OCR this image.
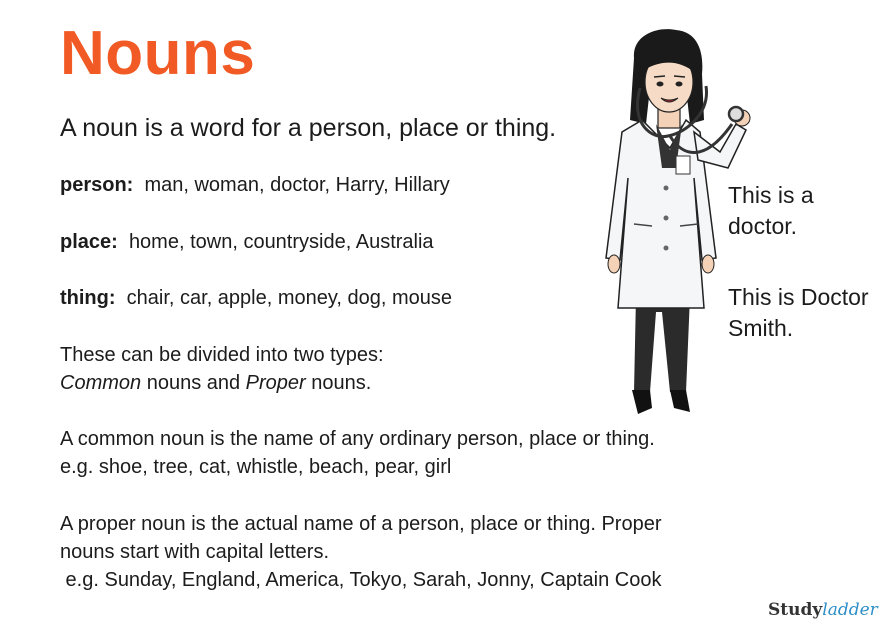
Nouns
A noun is a word for a person, place or thing.
person: man, woman, doctor, Harry, Hillary
place: home, town, countryside, Australia
thing: chair, car, apple, money, dog, mouse
These can be divided into two types:
Common nouns and Proper nouns.
A common noun is the name of any ordinary person, place or thing.
e.g. shoe, tree, cat, whistle, beach, pear, girl
A proper noun is the actual name of a person, place or thing. Proper
nouns start with capital letters.
e.g. Sunday, England, America, Tokyo, Sarah, Jonny, Captain Cook
This is a
doctor.
This is Doctor
Smith.
Studyladder
